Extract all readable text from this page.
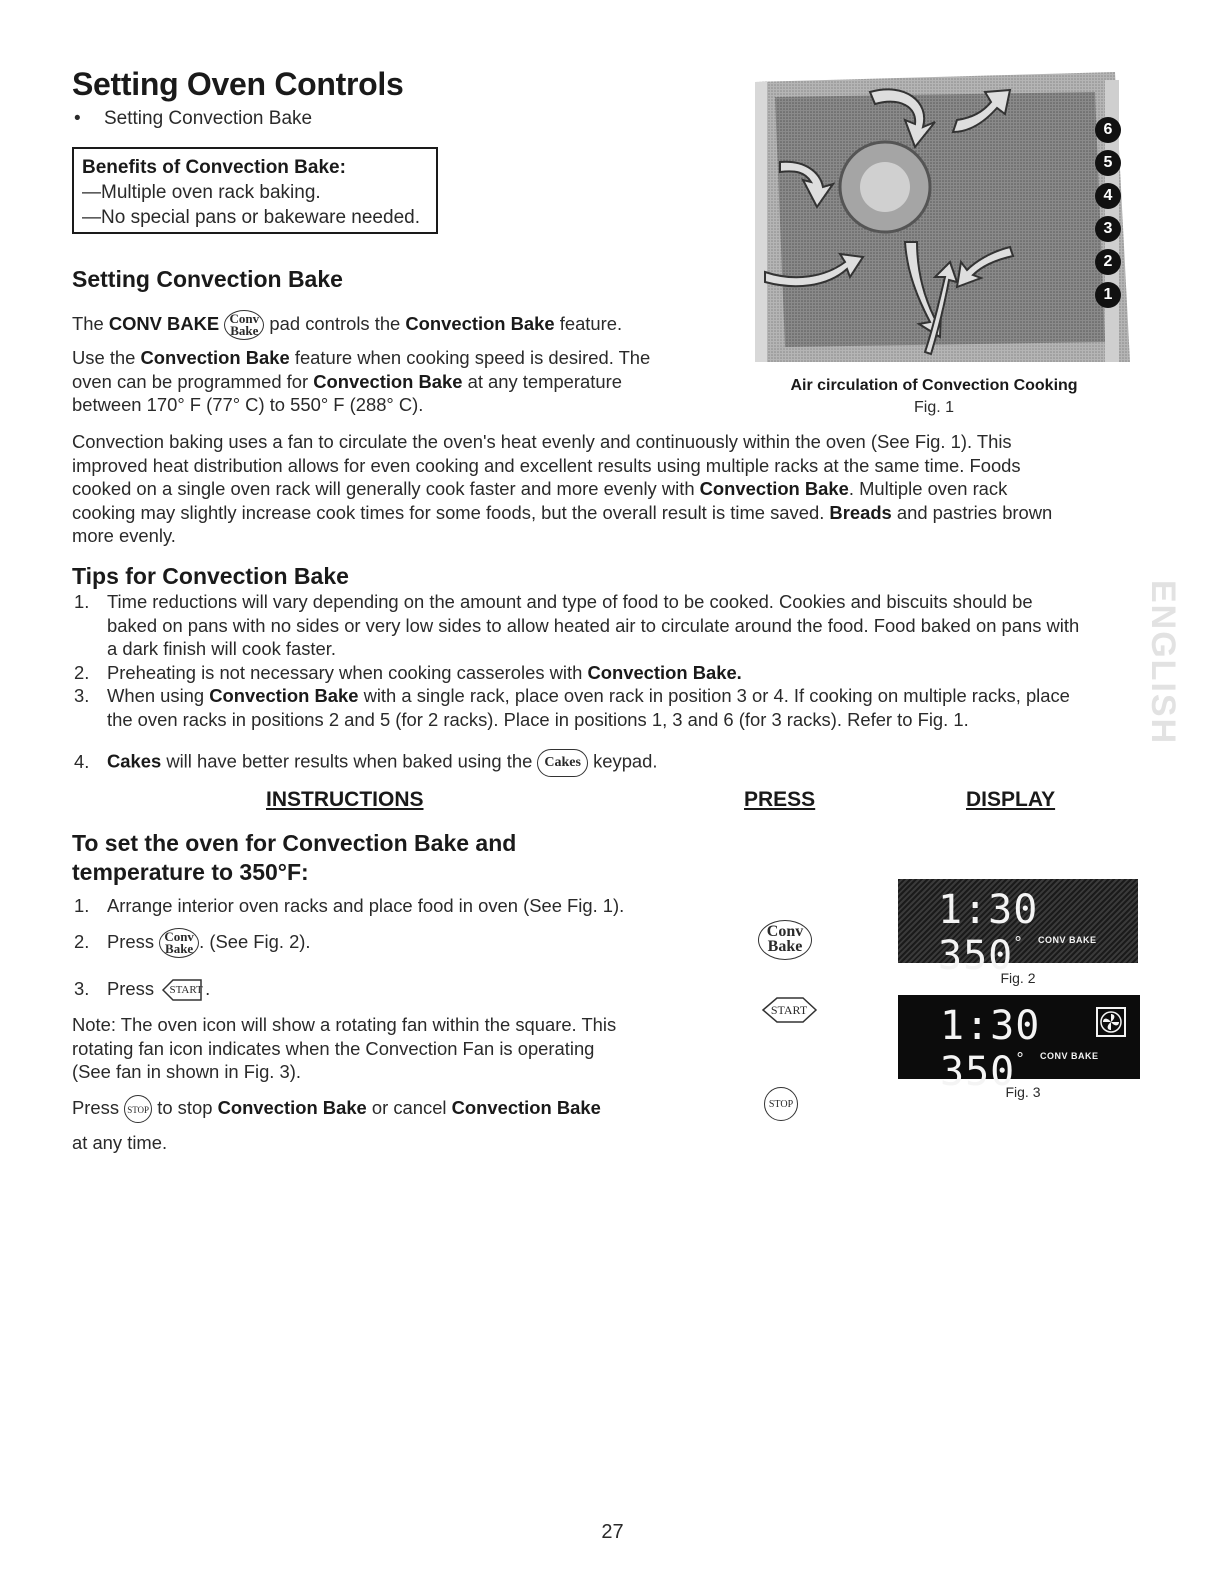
Setting Oven Controls
• Setting Convection Bake
Benefits of Convection Bake:
—Multiple oven rack baking.
—No special pans or bakeware needed.
Setting Convection Bake
The CONV BAKE Conv
Bake pad controls the Convection Bake feature.
Use the Convection Bake feature when cooking speed is desired. The
oven can be programmed for Convection Bake at any temperature
between 170° F (77° C) to 550° F (288° C).
6
5
4
3
2
1
Air circulation of Convection Cooking
Fig. 1
Convection baking uses a fan to circulate the oven's heat evenly and continuously within the oven (See Fig. 1). This
improved heat distribution allows for even cooking and excellent results using multiple racks at the same time. Foods
cooked on a single oven rack will generally cook faster and more evenly with Convection Bake. Multiple oven rack
cooking may slightly increase cook times for some foods, but the overall result is time saved. Breads and pastries brown
more evenly.
Tips for Convection Bake
1. Time reductions will vary depending on the amount and type of food to be cooked. Cookies and biscuits should be
baked on pans with no sides or very low sides to allow heated air to circulate around the food. Food baked on pans with
a dark finish will cook faster.
2. Preheating is not necessary when cooking casseroles with Convection Bake.
3. When using Convection Bake with a single rack, place oven rack in position 3 or 4. If cooking on multiple racks, place
the oven racks in positions 2 and 5 (for 2 racks). Place in positions 1, 3 and 6 (for 3 racks). Refer to Fig. 1.
4. Cakes will have better results when baked using the Cakes keypad.
ENGLISH
INSTRUCTIONS	PRESS	DISPLAY
To set the oven for Convection Bake and
temperature to 350°F:
1. Arrange interior oven racks and place food in oven (See Fig. 1).
2. Press Conv
Bake . (See Fig. 2).
3. Press
START .
Note: The oven icon will show a rotating fan within the square. This
rotating fan icon indicates when the Convection Fan is operating
(See fan in shown in Fig. 3).
Press STOP to stop Convection Bake or cancel Convection Bake
at any time.
Conv
Bake
START
STOP
1:30 350°	CONV BAKE
Fig. 2
1:30 350°	CONV BAKE
Fig. 3
27
